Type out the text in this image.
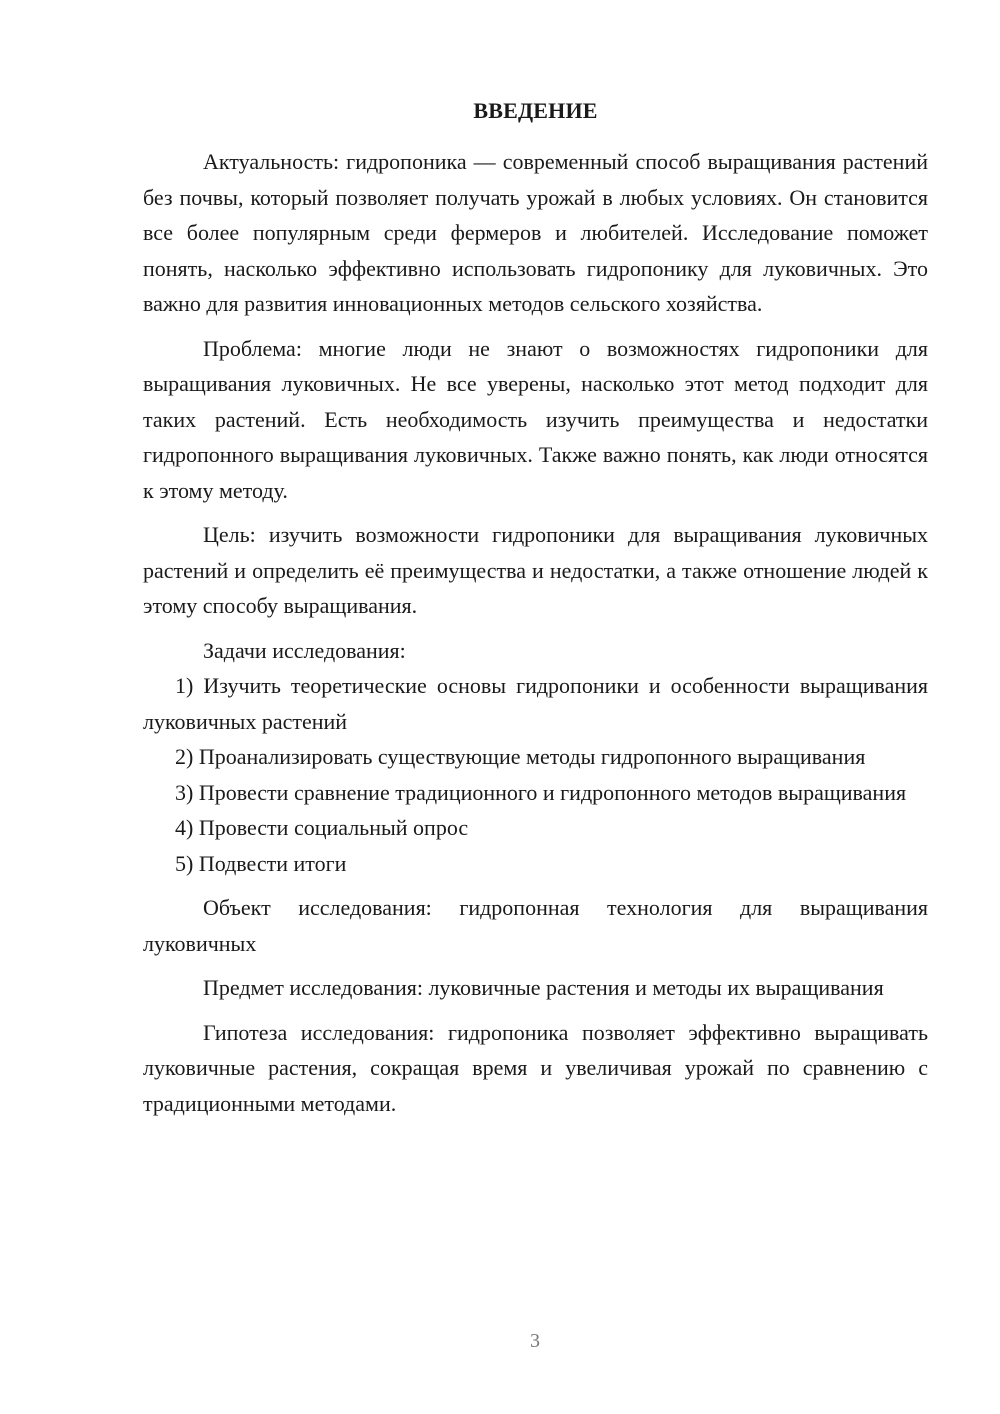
ВВЕДЕНИЕ

Актуальность: гидропоника — современный способ выращивания растений без почвы, который позволяет получать урожай в любых условиях. Он становится все более популярным среди фермеров и любителей. Исследование поможет понять, насколько эффективно использовать гидропонику для луковичных. Это важно для развития инновационных методов сельского хозяйства.

Проблема: многие люди не знают о возможностях гидропоники для выращивания луковичных. Не все уверены, насколько этот метод подходит для таких растений. Есть необходимость изучить преимущества и недостатки гидропонного выращивания луковичных. Также важно понять, как люди относятся к этому методу.

Цель: изучить возможности гидропоники для выращивания луковичных растений и определить её преимущества и недостатки, а также отношение людей к этому способу выращивания.

Задачи исследования:

1) Изучить теоретические основы гидропоники и особенности выращивания луковичных растений

2) Проанализировать существующие методы гидропонного выращивания

3) Провести сравнение традиционного и гидропонного методов выращивания

4) Провести социальный опрос

5) Подвести итоги

Объект исследования: гидропонная технология для выращивания луковичных

Предмет исследования: луковичные растения и методы их выращивания

Гипотеза исследования: гидропоника позволяет эффективно выращивать луковичные растения, сокращая время и увеличивая урожай по сравнению с традиционными методами.

3
